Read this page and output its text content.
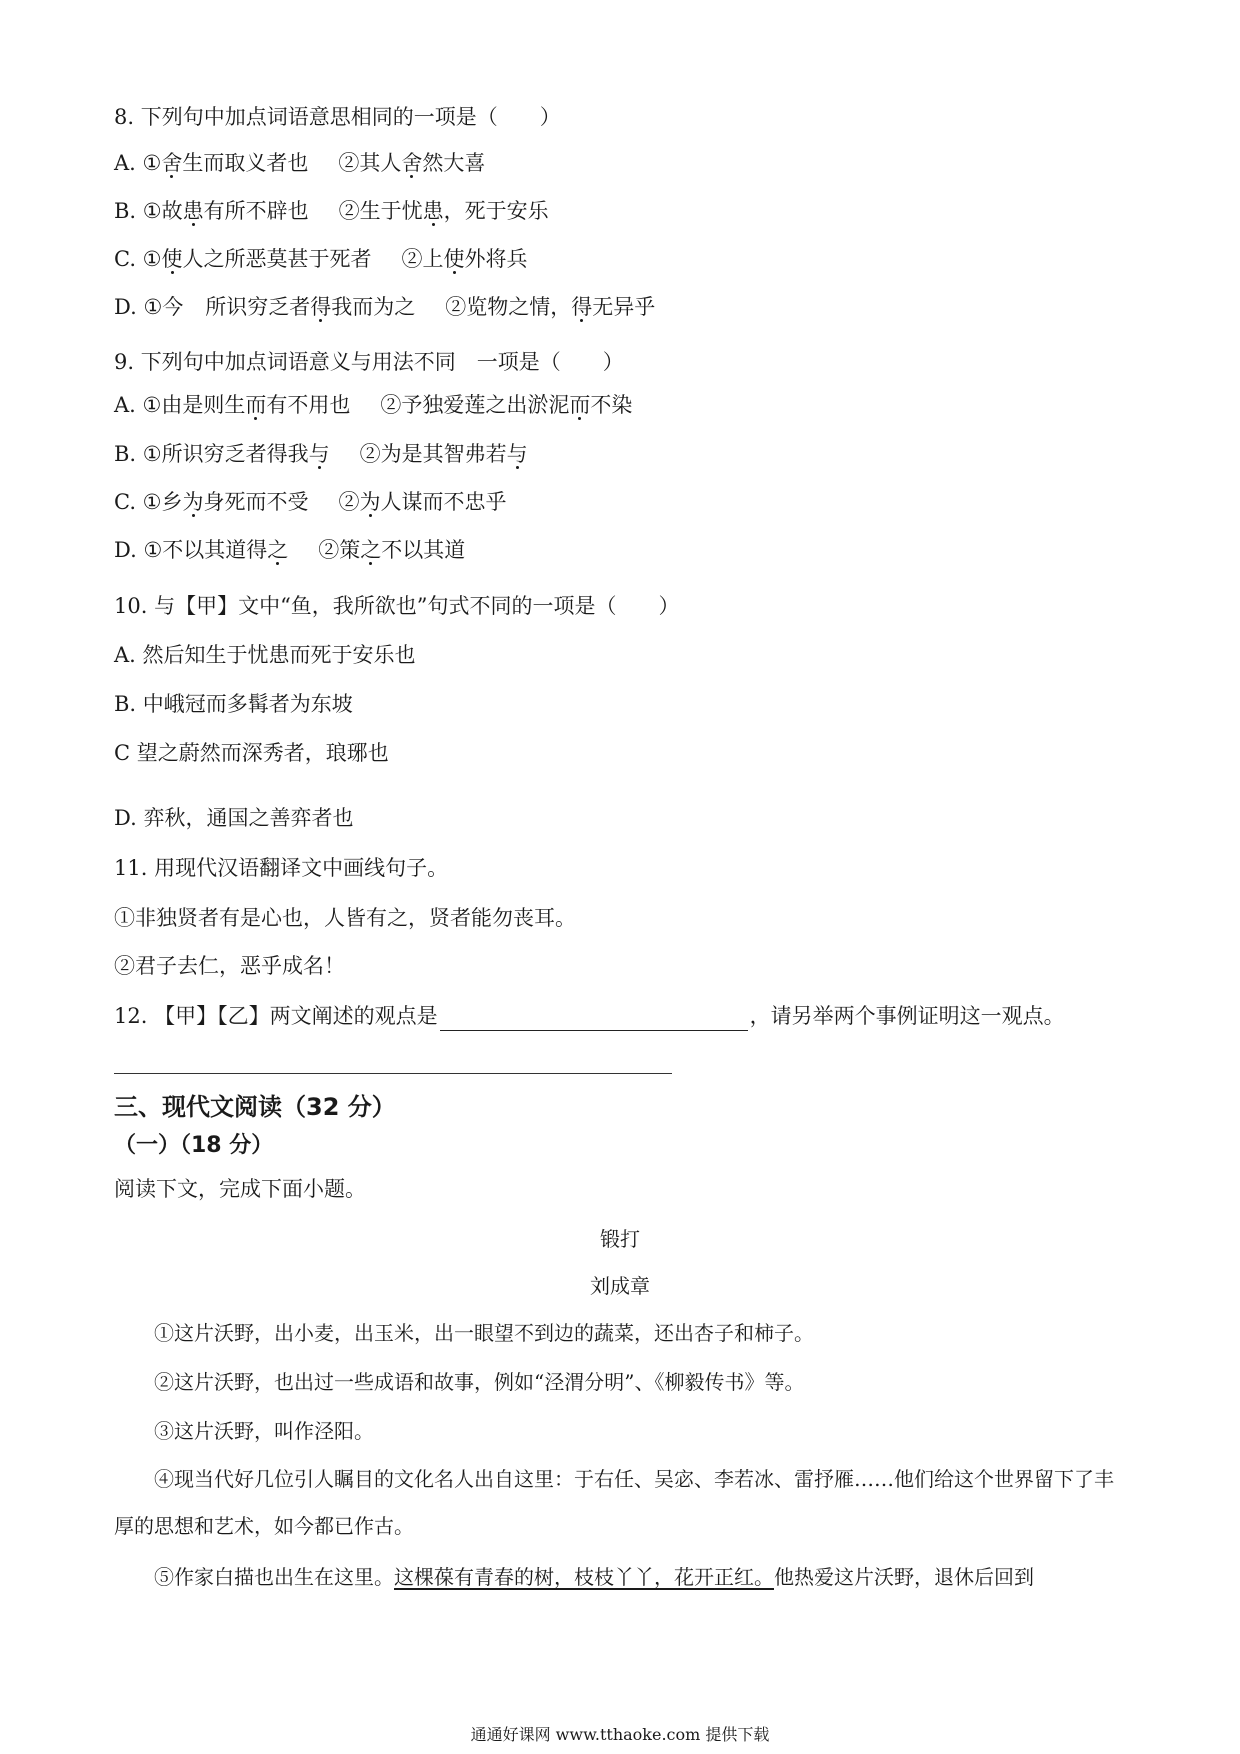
8. 下列句中加点词语意思相同的一项是（　　）
A. ①舍生而取义者也 ②其人舍然大喜
B. ①故患有所不辟也 ②生于忧患，死于安乐
C. ①使人之所恶莫甚于死者 ②上使外将兵
D. ①今 所识穷乏者得我而为之 ②览物之情，得无异乎
9. 下列句中加点词语意义与用法不同　一项是（　　）
A. ①由是则生而有不用也 ②予独爱莲之出淤泥而不染
B. ①所识穷乏者得我与 ②为是其智弗若与
C. ①乡为身死而不受 ②为人谋而不忠乎
D. ①不以其道得之 ②策之不以其道
10. 与【甲】文中“鱼，我所欲也”句式不同的一项是（　　）
A. 然后知生于忧患而死于安乐也
B. 中峨冠而多髯者为东坡
C 望之蔚然而深秀者，琅琊也
D. 弈秋，通国之善弈者也
11. 用现代汉语翻译文中画线句子。
①非独贤者有是心也，人皆有之，贤者能勿丧耳。
②君子去仁，恶乎成名！
12. 【甲】【乙】两文阐述的观点是	，请另举两个事例证明这一观点。
三、现代文阅读（32 分）
（一）（18 分）
阅读下文，完成下面小题。
锻打
刘成章
①这片沃野，出小麦，出玉米，出一眼望不到边的蔬菜，还出杏子和柿子。
②这片沃野，也出过一些成语和故事，例如“泾渭分明”、《柳毅传书》等。
③这片沃野，叫作泾阳。
④现当代好几位引人瞩目的文化名人出自这里：于右任、吴宓、李若冰、雷抒雁……他们给这个世界留下了丰厚的思想和艺术，如今都已作古。
⑤作家白描也出生在这里。这棵葆有青春的树，枝枝丫丫，花开正红。他热爱这片沃野，退休后回到
通通好课网 www.tthaoke.com 提供下载
